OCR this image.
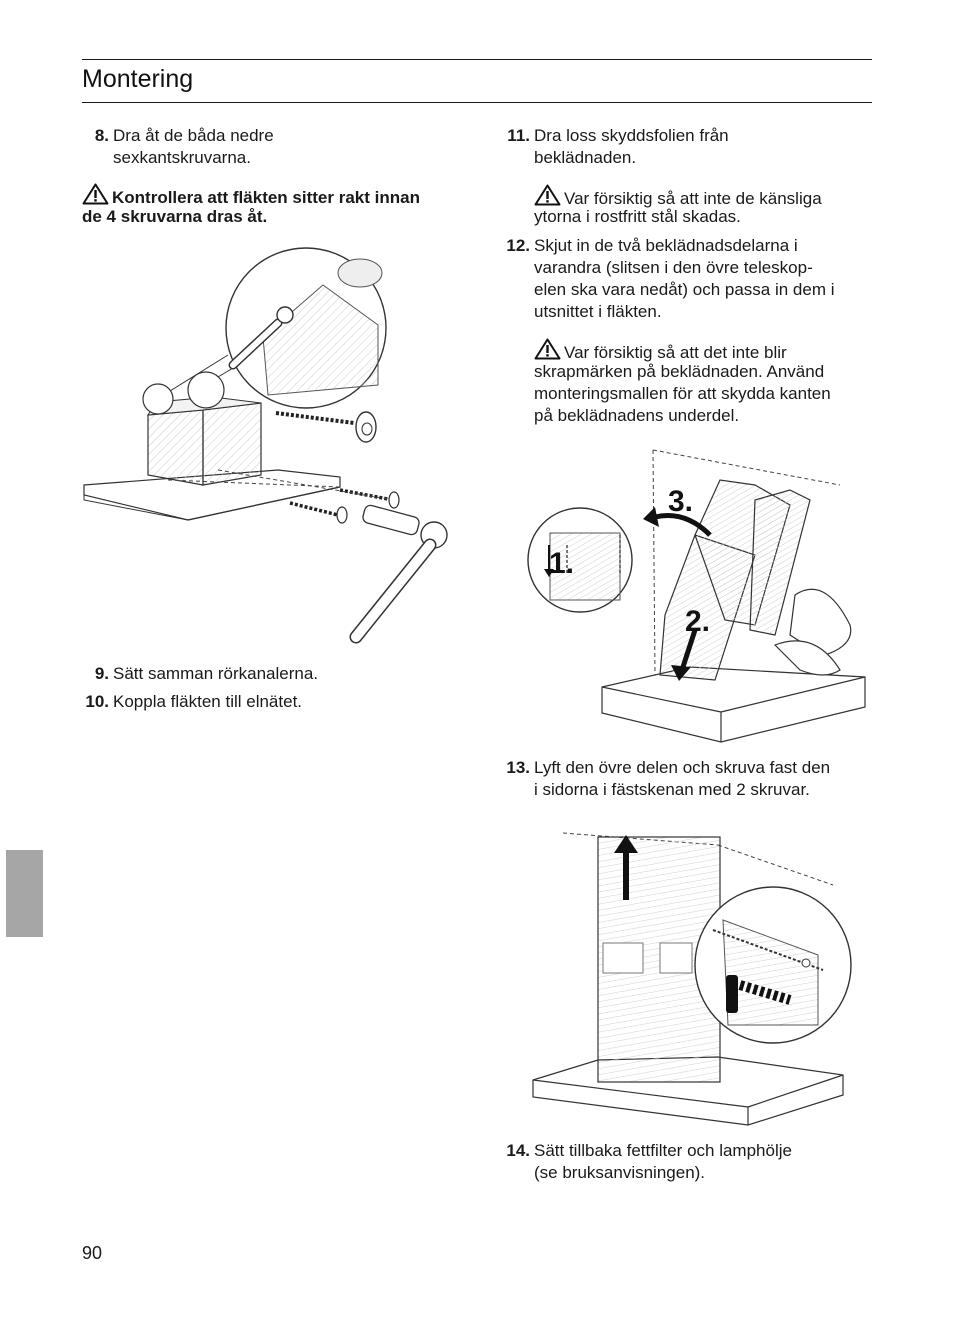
Montering
8. Dra åt de båda nedre
sexkantskruvarna.
Kontrollera att fläkten sitter rakt innan
de 4 skruvarna dras åt.
9. Sätt samman rörkanalerna.
10. Koppla fläkten till elnätet.
11. Dra loss skyddsfolien från
beklädnaden.
Var försiktig så att inte de känsliga
ytorna i rostfritt stål skadas.
12. Skjut in de två beklädnadsdelarna i
varandra (slitsen i den övre teleskop-
elen ska vara nedåt) och passa in dem i
utsnittet i fläkten.
Var försiktig så att det inte blir
skrapmärken på beklädnaden. Använd
monteringsmallen för att skydda kanten
på beklädnadens underdel.
3.
1.
2.
13. Lyft den övre delen och skruva fast den
i sidorna i fästskenan med 2 skruvar.
14. Sätt tillbaka fettfilter och lamphölje
(se bruksanvisningen).
90
